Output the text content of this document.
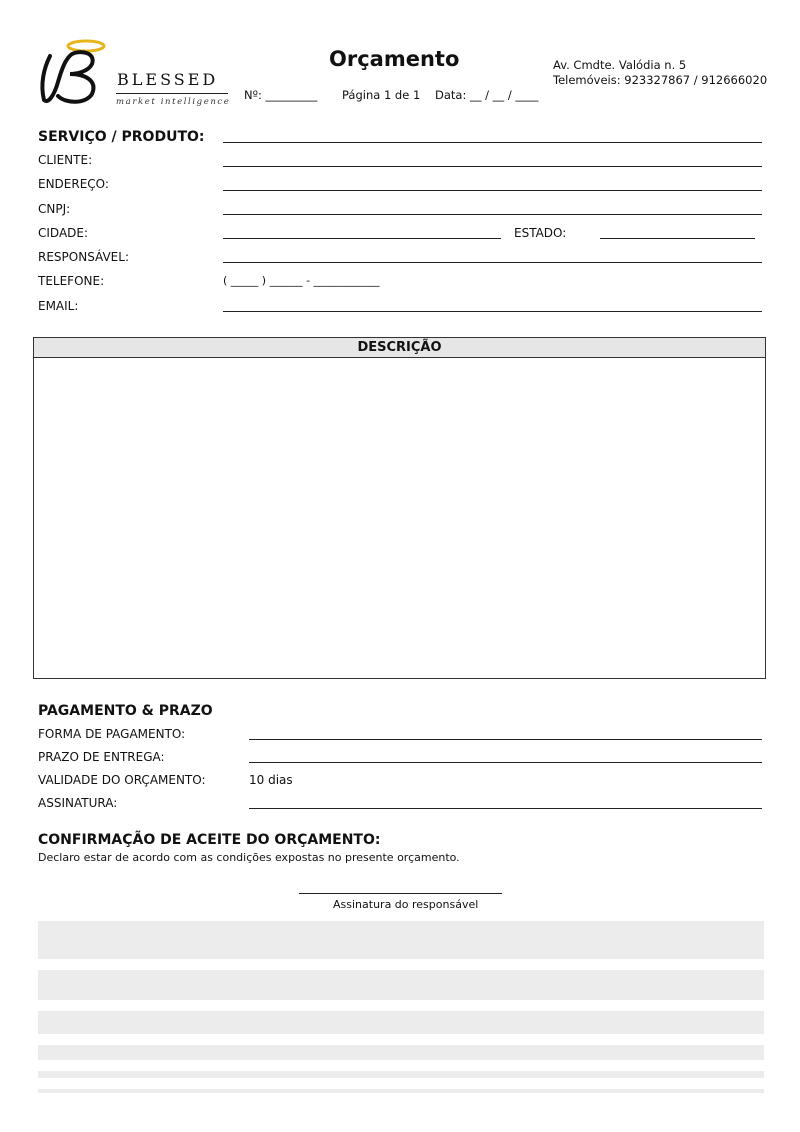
BLESSED
market intelligence
Orçamento
Nº: _________ Página 1 de 1 Data: __ / __ / ____
Av. Cmdte. Valódia n. 5
Telemóveis: 923327867 / 912666020
SERVIÇO / PRODUTO:
CLIENTE:
ENDEREÇO:
CNPJ:
CIDADE:	ESTADO:
RESPONSÁVEL:
TELEFONE:	( _____ ) ______ - ____________
EMAIL:
DESCRIÇÃO
PAGAMENTO & PRAZO
FORMA DE PAGAMENTO:
PRAZO DE ENTREGA:
VALIDADE DO ORÇAMENTO:	10 dias
ASSINATURA:
CONFIRMAÇÃO DE ACEITE DO ORÇAMENTO:
Declaro estar de acordo com as condições expostas no presente orçamento.
Assinatura do responsável
